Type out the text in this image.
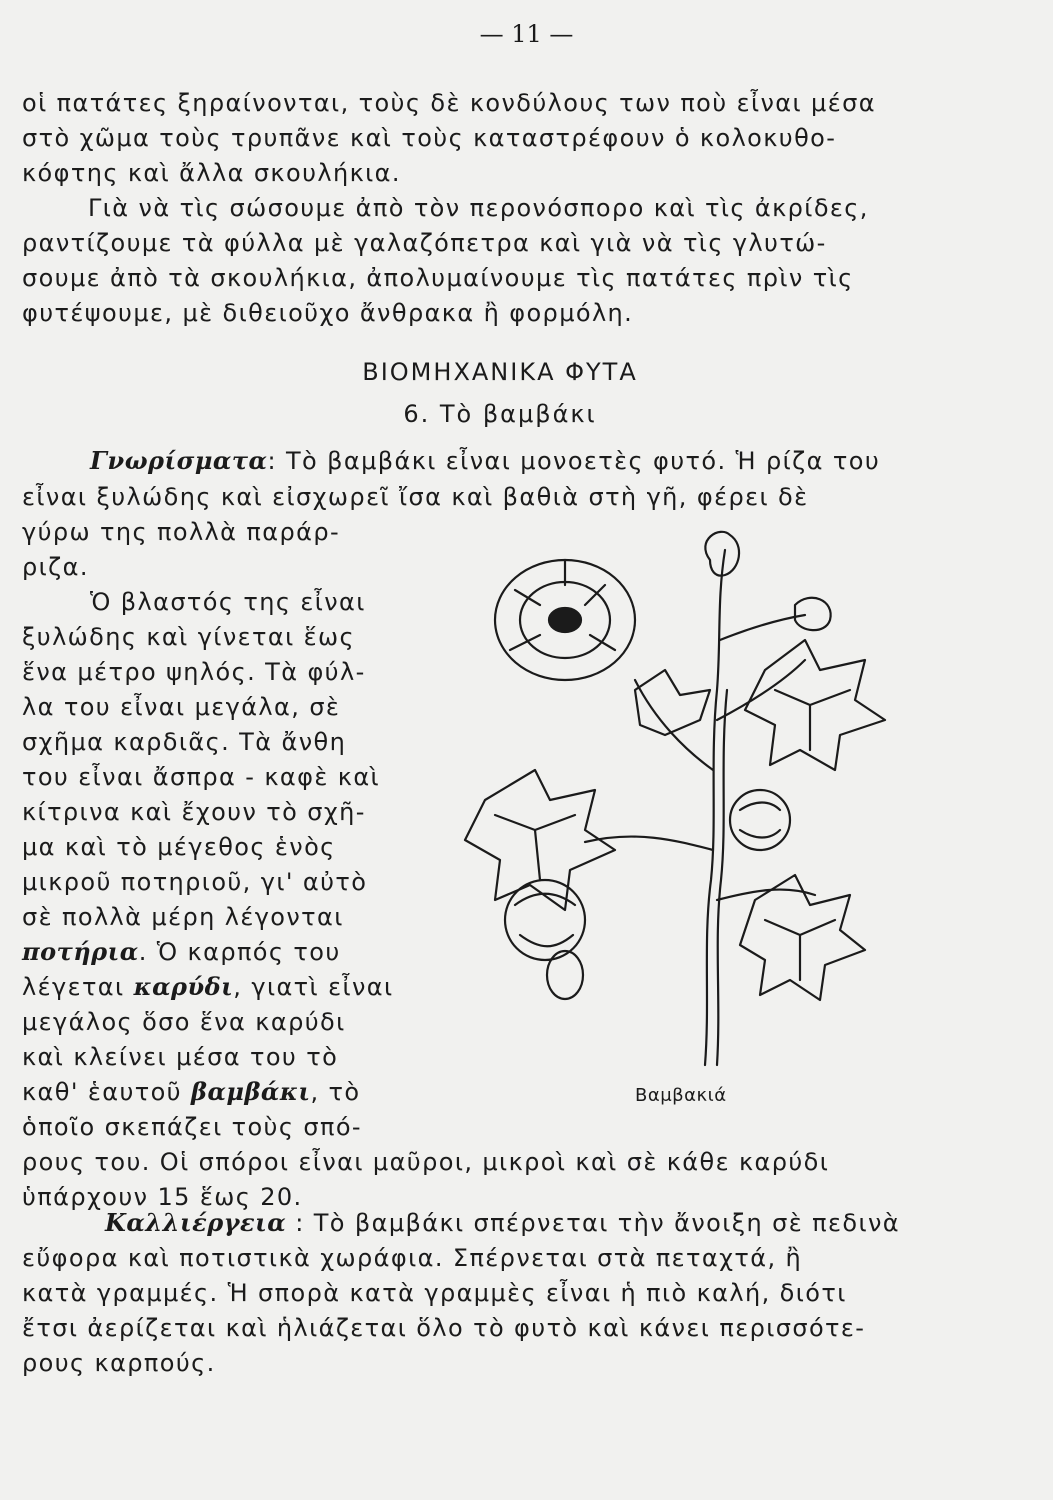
— 11 —
οἱ πατάτες ξηραίνονται, τοὺς δὲ κονδύλους των ποὺ εἶναι μέσα
στὸ χῶμα τοὺς τρυπᾶνε καὶ τοὺς καταστρέφουν ὁ κολοκυθο-
κόφτης καὶ ἄλλα σκουλήκια.
Γιὰ νὰ τὶς σώσουμε ἀπὸ τὸν περονόσπορο καὶ τὶς ἀκρίδες,
ραντίζουμε τὰ φύλλα μὲ γαλαζόπετρα καὶ γιὰ νὰ τὶς γλυτώ-
σουμε ἀπὸ τὰ σκουλήκια, ἀπολυμαίνουμε τὶς πατάτες πρὶν τὶς
φυτέψουμε, μὲ διθειοῦχο ἄνθρακα ἢ φορμόλη.
ΒΙΟΜΗΧΑΝΙΚΑ ΦΥΤΑ
6. Τὸ βαμβάκι
Γνωρίσματα: Τὸ βαμβάκι εἶναι μονοετὲς φυτό. Ἡ ρίζα του
εἶναι ξυλώδης καὶ εἰσχωρεῖ ἴσα καὶ βαθιὰ στὴ γῆ, φέρει δὲ
γύρω της πολλὰ παράρ-
ριζα.
Ὁ βλαστός της εἶναι
ξυλώδης καὶ γίνεται ἕως
ἕνα μέτρο ψηλός. Τὰ φύλ-
λα του εἶναι μεγάλα, σὲ
σχῆμα καρδιᾶς. Τὰ ἄνθη
του εἶναι ἄσπρα - καφὲ καὶ
κίτρινα καὶ ἔχουν τὸ σχῆ-
μα καὶ τὸ μέγεθος ἑνὸς
μικροῦ ποτηριοῦ, γι' αὐτὸ
σὲ πολλὰ μέρη λέγονται
ποτήρια. Ὁ καρπός του
λέγεται καρύδι, γιατὶ εἶναι
μεγάλος ὅσο ἕνα καρύδι
καὶ κλείνει μέσα του τὸ
καθ' ἑαυτοῦ βαμβάκι, τὸ
ὁποῖο σκεπάζει τοὺς σπό-
ρους του. Οἱ σπόροι εἶναι μαῦροι, μικροὶ καὶ σὲ κάθε καρύδι
ὑπάρχουν 15 ἕως 20.
Βαμβακιά
Καλλιέργεια : Τὸ βαμβάκι σπέρνεται τὴν ἄνοιξη σὲ πεδινὰ
εὔφορα καὶ ποτιστικὰ χωράφια. Σπέρνεται στὰ πεταχτά, ἢ
κατὰ γραμμές. Ἡ σπορὰ κατὰ γραμμὲς εἶναι ἡ πιὸ καλή, διότι
ἔτσι ἀερίζεται καὶ ἡλιάζεται ὅλο τὸ φυτὸ καὶ κάνει περισσότε-
ρους καρπούς.
